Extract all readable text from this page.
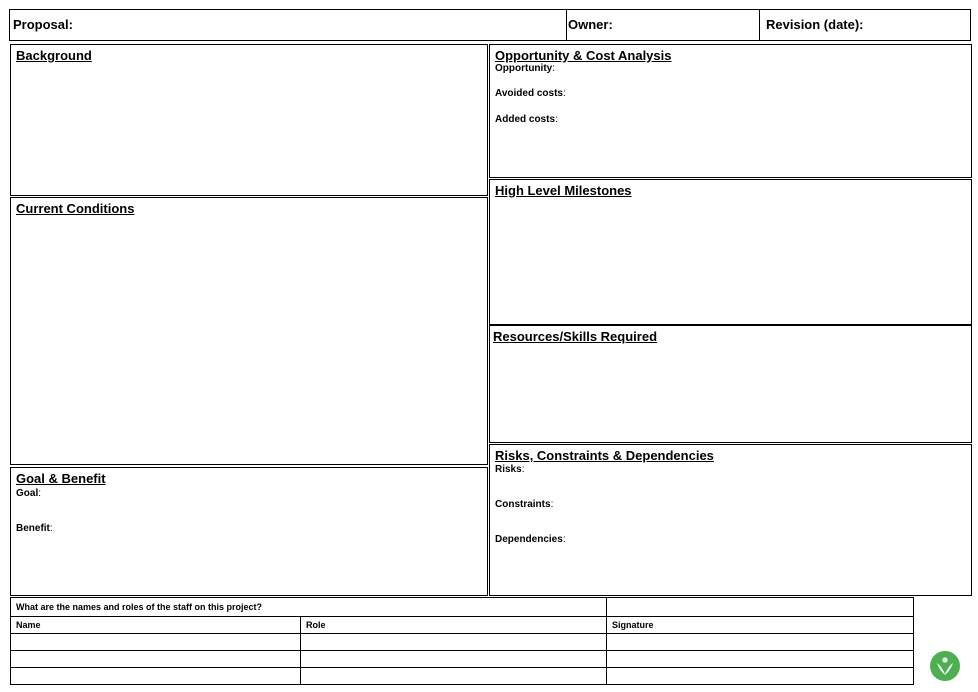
Proposal:	Owner:	Revision (date):
Background
Current Conditions
Goal & Benefit
Goal:
Benefit:
Opportunity & Cost Analysis
Opportunity:
Avoided costs:
Added costs:
High Level Milestones
Resources/Skills Required
Risks, Constraints & Dependencies
Risks:
Constraints:
Dependencies:
What are the names and roles of the staff on this project?		
Name	Role	Signature
